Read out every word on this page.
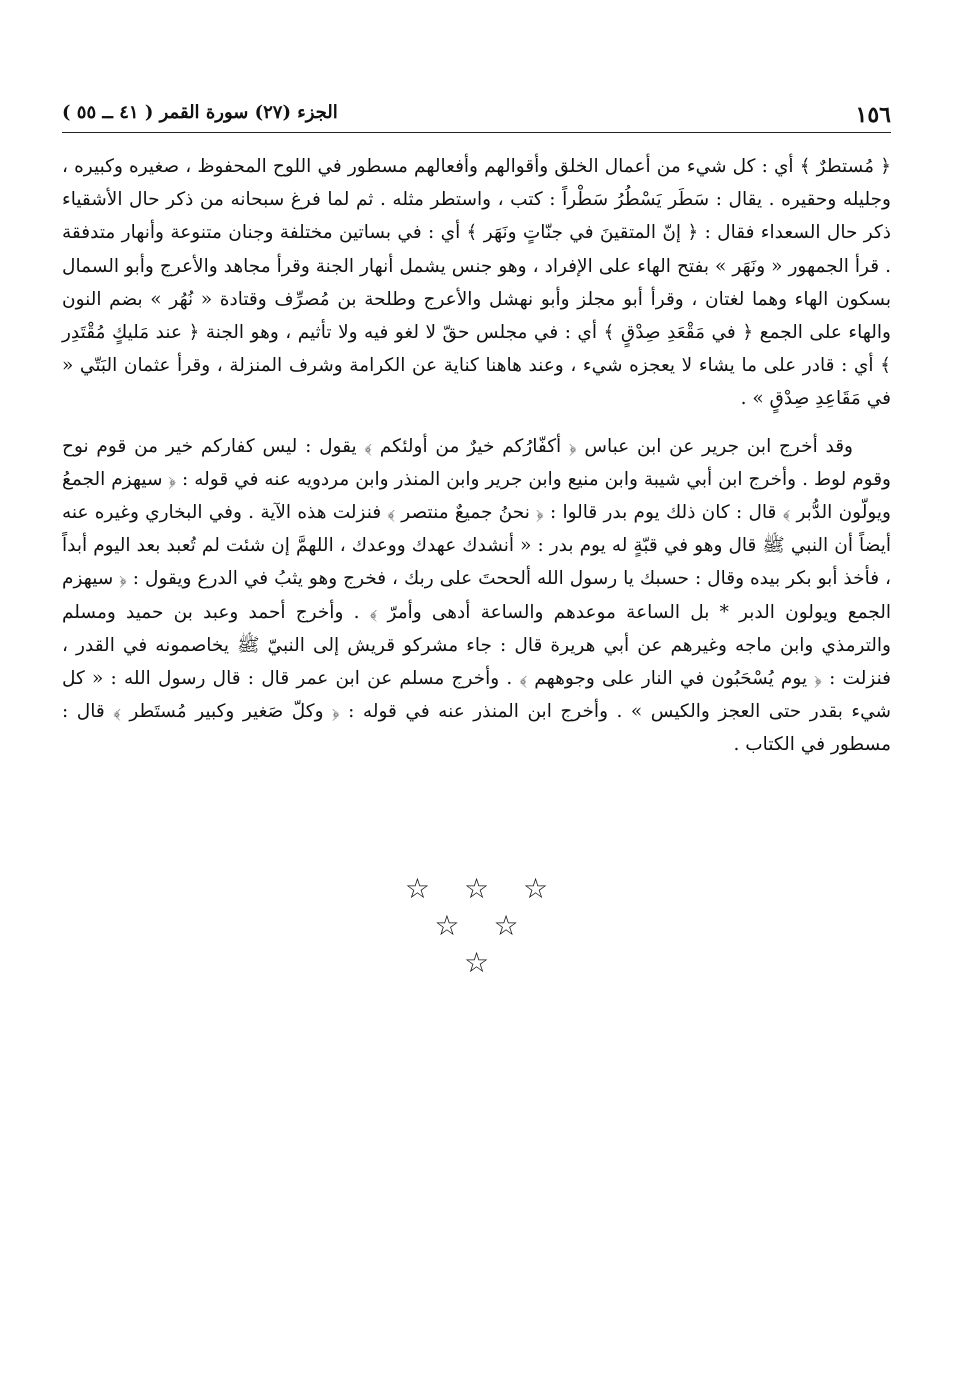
١٥٦
الجزء (٢٧) سورة القمر ( ٤١ ــ ٥٥ )

﴿ مُستطرٌ ﴾ أي : كل شيء من أعمال الخلق وأقوالهم وأفعالهم مسطور في اللوح المحفوظ ، صغيره وكبيره ، وجليله وحقيره . يقال : سَطَر يَسْطُرُ سَطْراً : كتب ، واستطر مثله . ثم لما فرغ سبحانه من ذكر حال الأشقياء ذكر حال السعداء فقال : ﴿ إنّ المتقينَ في جنّاتٍ ونَهَر ﴾ أي : في بساتين مختلفة وجنان متنوعة وأنهار متدفقة . قرأ الجمهور « ونَهَر » بفتح الهاء على الإفراد ، وهو جنس يشمل أنهار الجنة وقرأ مجاهد والأعرج وأبو السمال بسكون الهاء وهما لغتان ، وقرأ أبو مجلز وأبو نهشل والأعرج وطلحة بن مُصرِّف وقتادة « نُهُر » بضم النون والهاء على الجمع ﴿ في مَقْعَدِ صِدْقٍ ﴾ أي : في مجلس حقّ لا لغو فيه ولا تأثيم ، وهو الجنة ﴿ عند مَليكٍ مُقْتَدِر ﴾ أي : قادر على ما يشاء لا يعجزه شيء ، وعند هاهنا كناية عن الكرامة وشرف المنزلة ، وقرأ عثمان البَتّي « في مَقَاعِدِ صِدْقٍ » .

وقد أخرج ابن جرير عن ابن عباس ﴿ أكفّارُكم خيرٌ من أولئكم ﴾ يقول : ليس كفاركم خير من قوم نوح وقوم لوط . وأخرج ابن أبي شيبة وابن منيع وابن جرير وابن المنذر وابن مردويه عنه في قوله : ﴿ سيهزم الجمعُ ويولّون الدُّبر ﴾ قال : كان ذلك يوم بدر قالوا : ﴿ نحنُ جميعٌ منتصر ﴾ فنزلت هذه الآية . وفي البخاري وغيره عنه أيضاً أن النبي ﷺ قال وهو في قبّةٍ له يوم بدر : « أنشدك عهدك ووعدك ، اللهمَّ إن شئت لم تُعبد بعد اليوم أبداً ، فأخذ أبو بكر بيده وقال : حسبك يا رسول الله ألححتَ على ربك ، فخرج وهو يثبُ في الدرع ويقول : ﴿ سيهزم الجمع ويولون الدبر * بل الساعة موعدهم والساعة أدهى وأمرّ ﴾ . وأخرج أحمد وعبد بن حميد ومسلم والترمذي وابن ماجه وغيرهم عن أبي هريرة قال : جاء مشركو قريش إلى النبيّ ﷺ يخاصمونه في القدر ، فنزلت : ﴿ يوم يُسْحَبُون في النار على وجوههم ﴾ . وأخرج مسلم عن ابن عمر قال : قال رسول الله : « كل شيء بقدر حتى العجز والكيس » . وأخرج ابن المنذر عنه في قوله : ﴿ وكلّ صَغير وكبير مُستَطر ﴾ قال : مسطور في الكتاب .

☆☆☆
☆☆
☆
